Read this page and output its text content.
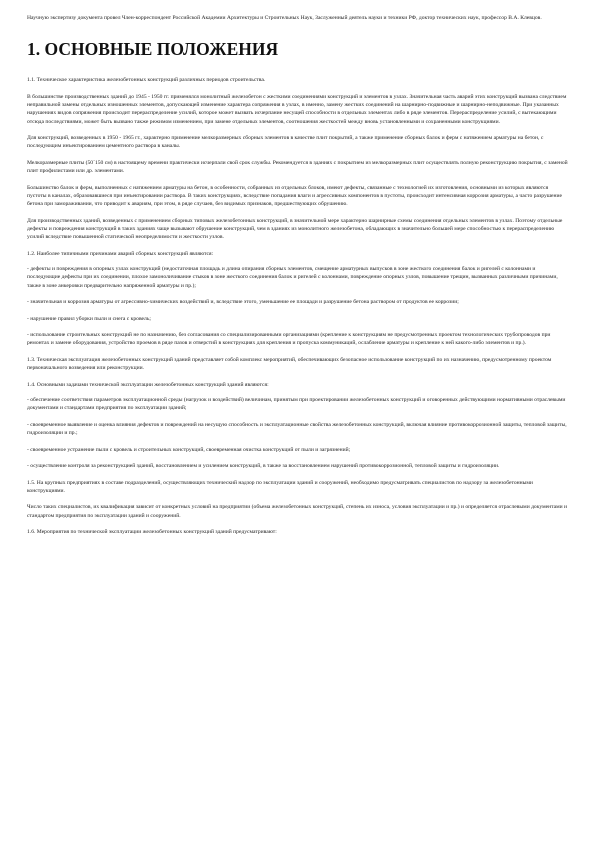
Научную экспертизу документа провел Член-корреспондент Российской Академии Архитектуры и Строительных Наук, Заслуженный деятель науки и техники РФ, доктор технических наук, профессор В.А. Клевцов.

1. ОСНОВНЫЕ ПОЛОЖЕНИЯ

1.1. Техническое характеристика железобетонных конструкций различных периодов строительства.

В большинстве производственных зданий до 1945 - 1950 гг. применялся монолитный железобетон с жесткими соединениями конструкций и элементов в узлах. Значительная часть аварий этих конструкций вызвана следствием неправильной замены отдельных изношенных элементов, допускающей изменение характера сопряжения в узлах, в именно, замену жестких соединений на шарнирно-подвижные и шарнирно-неподвижные. При указанных нарушениях видов сопряжения происходит перераспределение усилий, которое может вызвать исчерпание несущей способности в отдельных элементах либо в ряде элементов. Перераспределение усилий, с вытекающими отсюда последствиями, может быть вызвано также режимом изменением, при замене отдельных элементов, соотношения жесткостей между вновь установленными и сохраненными конструкциями.

Для конструкций, возведенных в 1950 - 1965 гг., характерно применение мелкоразмерных сборных элементов в качестве плит покрытий, а также применение сборных балок и ферм с натяжением арматуры на бетон, с последующим инъектированием цементного раствора в каналы.

Мелкоразмерные плиты (50´150 см) в настоящему времени практически исчерпали свой срок службы. Рекомендуется в зданиях с покрытием из мелкоразмерных плит осуществлять полную реконструкцию покрытия, с заменой плит профилистами или др. элементами.

Большинство балок и ферм, выполненных с натяжением арматуры на бетон, в особенности, собранных из отдельных блоков, имеют дефекты, связанные с технологией их изготовления, основными из которых являются пустоты в каналах, образовавшиеся при инъектировании раствора. В таких конструкциях, вследствие попадания влаги и агрессивных компонентов в пустоты, происходит интенсивная коррозия арматуры, а часто разрушение бетона при замораживании, что приводит к авариям, при этом, в ряде случаев, без видимых признаков, предшествующих обрушению.

Для производственных зданий, возведенных с применением сборных типовых железобетонных конструкций, в значительной мере характерно шарнирные схемы соединения отдельных элементов в узлах. Поэтому отдельные дефекты и повреждения конструкций в таких зданиях чаще вызывают обрушение конструкций, чем в зданиях из монолитного железобетона, обладающих в значительно большей мере способностью к перераспределению усилий вследствие повышенной статической неопределимости и жесткости узлов.

1.2. Наиболее типичными причинами аварий сборных конструкций являются:

- дефекты и повреждения в опорных узлах конструкций (недостаточная площадь и длина опирания сборных элементов, смещение арматурных выпусков в зоне жесткого соединения балок и ригелей с колоннами и последующие дефекты при их соединении, плохое замоноличивание стыков в зоне жесткого соединения балок и ригелей с колоннами, повреждение опорных узлов, повышение трещин, вызванных различными причинами, также в зоне анкеровки предварительно напряженной арматуры и пр.);

- значительная и коррозия арматуры от агрессивно-химических воздействий и, вследствие этого, уменьшение ее площади и разрушение бетона раствором от продуктов ее коррозии;

- нарушение правил уборки пыли и снега с кровель;

- использование строительных конструкций не по назначению, без согласования со специализированными организациями (крепление к конструкциям не предусмотренных проектом технологических трубопроводов при ремонтах и замене оборудования, устройство проемов в ряде пазов и отверстий в конструкциях для крепления и пропуска коммуникаций, ослабление арматуры и крепление к ней какого-либо элементов и пр.).

1.3. Техническая эксплуатация железобетонных конструкций зданий представляет собой комплекс мероприятий, обеспечивающих безопасное использование конструкций по их назначению, предусмотренному проектом первоначального возведения или реконструкции.

1.4. Основными задачами технической эксплуатации железобетонных конструкций зданий являются:

- обеспечение соответствия параметров эксплуатационной среды (нагрузок и воздействий) величинам, принятым при проектировании железобетонных конструкций и оговоренных действующими нормативными отраслевыми документами и стандартами предприятия по эксплуатации зданий;

- своевременное выявление и оценка влияния дефектов и повреждений на несущую способность и эксплуатационные свойства железобетонных конструкций, включая влияние противокоррозионной защиты, тепловой защиты, гидроизоляции и пр.;

- своевременное устранение пыли с кровель и строительных конструкций, своевременная очистка конструкций от пыли и загрязнений;

- осуществление контроля за реконструкцией зданий, восстановлением и усилением конструкций, в также за восстановлением нарушений противокоррозионной, тепловой защиты и гидроизоляции.

1.5. На крупных предприятиях в составе подразделений, осуществляющих технический надзор по эксплуатации зданий и сооружений, необходимо предусматривать специалистов по надзору за железобетонными конструкциями.

Число таких специалистов, их квалификация зависит от конкретных условий на предприятии (объема железобетонных конструкций, степень их износа, условия эксплуатации и пр.) и определяется отраслевыми документами и стандартом предприятия по эксплуатации зданий и сооружений.

1.6. Мероприятия по технической эксплуатации железобетонных конструкций зданий предусматривают:
